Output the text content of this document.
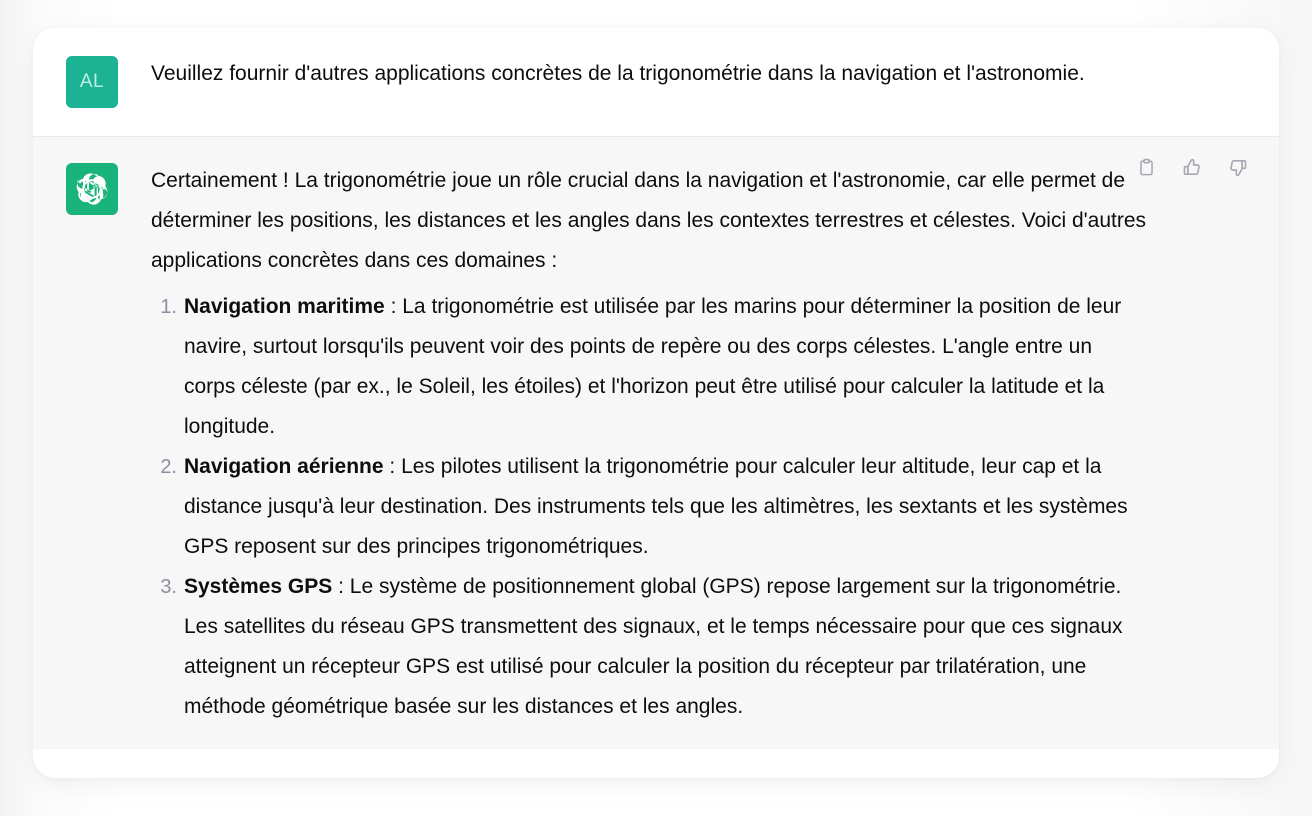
AL Veuillez fournir d'autres applications concrètes de la trigonométrie dans la navigation et l'astronomie.

Certainement ! La trigonométrie joue un rôle crucial dans la navigation et l'astronomie, car elle permet de déterminer les positions, les distances et les angles dans les contextes terrestres et célestes. Voici d'autres applications concrètes dans ces domaines :

1. Navigation maritime : La trigonométrie est utilisée par les marins pour déterminer la position de leur navire, surtout lorsqu'ils peuvent voir des points de repère ou des corps célestes. L'angle entre un corps céleste (par ex., le Soleil, les étoiles) et l'horizon peut être utilisé pour calculer la latitude et la longitude.
2. Navigation aérienne : Les pilotes utilisent la trigonométrie pour calculer leur altitude, leur cap et la distance jusqu'à leur destination. Des instruments tels que les altimètres, les sextants et les systèmes GPS reposent sur des principes trigonométriques.
3. Systèmes GPS : Le système de positionnement global (GPS) repose largement sur la trigonométrie. Les satellites du réseau GPS transmettent des signaux, et le temps nécessaire pour que ces signaux atteignent un récepteur GPS est utilisé pour calculer la position du récepteur par trilatération, une méthode géométrique basée sur les distances et les angles.
